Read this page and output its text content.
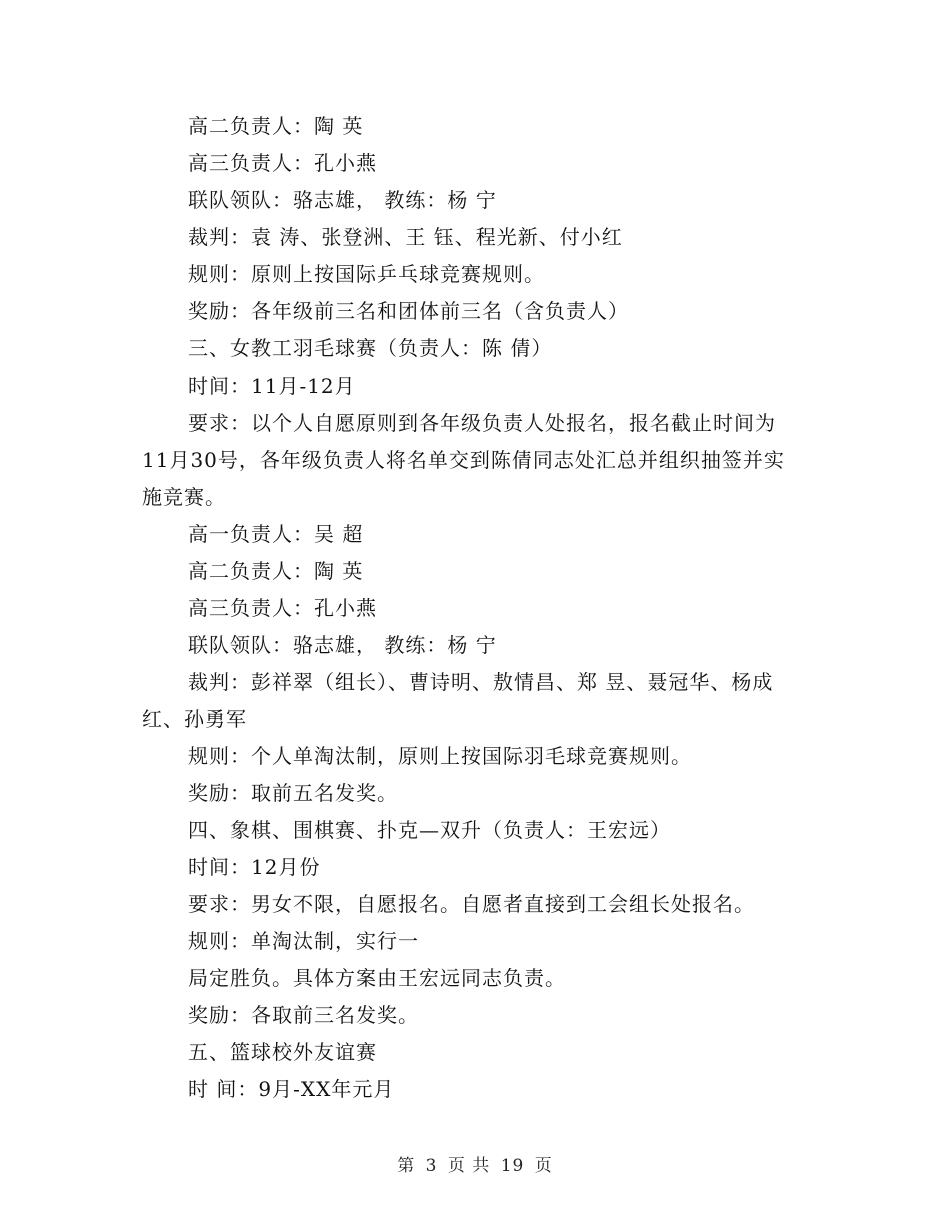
高二负责人：陶 英
高三负责人：孔小燕
联队领队：骆志雄， 教练：杨 宁
裁判：袁 涛、张登洲、王 钰、程光新、付小红
规则：原则上按国际乒乓球竞赛规则。
奖励：各年级前三名和团体前三名（含负责人）
三、女教工羽毛球赛（负责人：陈 倩）
时间：11月-12月
要求：以个人自愿原则到各年级负责人处报名，报名截止时间为
11月30号，各年级负责人将名单交到陈倩同志处汇总并组织抽签并实
施竞赛。
高一负责人：吴 超
高二负责人：陶 英
高三负责人：孔小燕
联队领队：骆志雄， 教练：杨 宁
裁判：彭祥翠（组长）、曹诗明、敖情昌、郑 昱、聂冠华、杨成
红、孙勇军
规则：个人单淘汰制，原则上按国际羽毛球竞赛规则。
奖励：取前五名发奖。
四、象棋、围棋赛、扑克—双升（负责人：王宏远）
时间：12月份
要求：男女不限，自愿报名。自愿者直接到工会组长处报名。
规则：单淘汰制，实行一
局定胜负。具体方案由王宏远同志负责。
奖励：各取前三名发奖。
五、篮球校外友谊赛
时 间：9月-XX年元月
第 3 页 共 19 页
